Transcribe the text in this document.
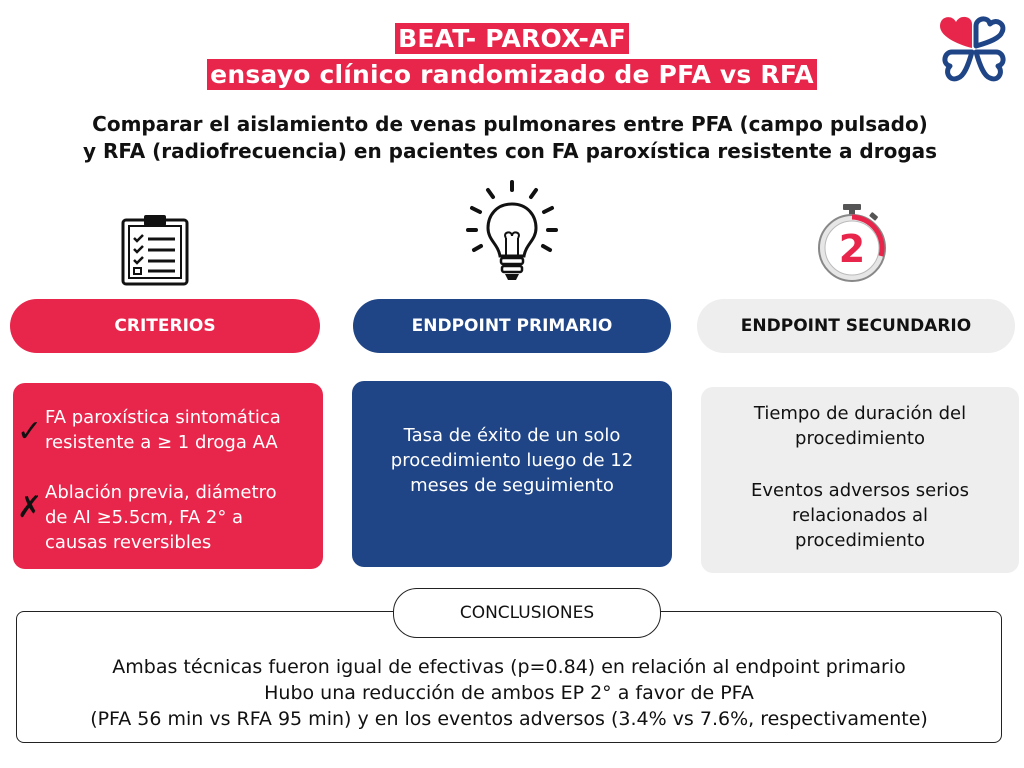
BEAT- PAROX-AF
ensayo clínico randomizado de PFA vs RFA
Comparar el aislamiento de venas pulmonares entre PFA (campo pulsado)
y RFA (radiofrecuencia) en pacientes con FA paroxística resistente a drogas
2
CRITERIOS	ENDPOINT PRIMARIO	ENDPOINT SECUNDARIO
✓ FA paroxística sintomática
resistente a ≥ 1 droga AA
✗ Ablación previa, diámetro
de AI ≥5.5cm, FA 2° a
causas reversibles
Tasa de éxito de un solo
procedimiento luego de 12
meses de seguimiento
Tiempo de duración del
procedimiento
Eventos adversos serios
relacionados al
procedimiento
Ambas técnicas fueron igual de efectivas (p=0.84) en relación al endpoint primario
Hubo una reducción de ambos EP 2° a favor de PFA
(PFA 56 min vs RFA 95 min) y en los eventos adversos (3.4% vs 7.6%, respectivamente)
CONCLUSIONES
